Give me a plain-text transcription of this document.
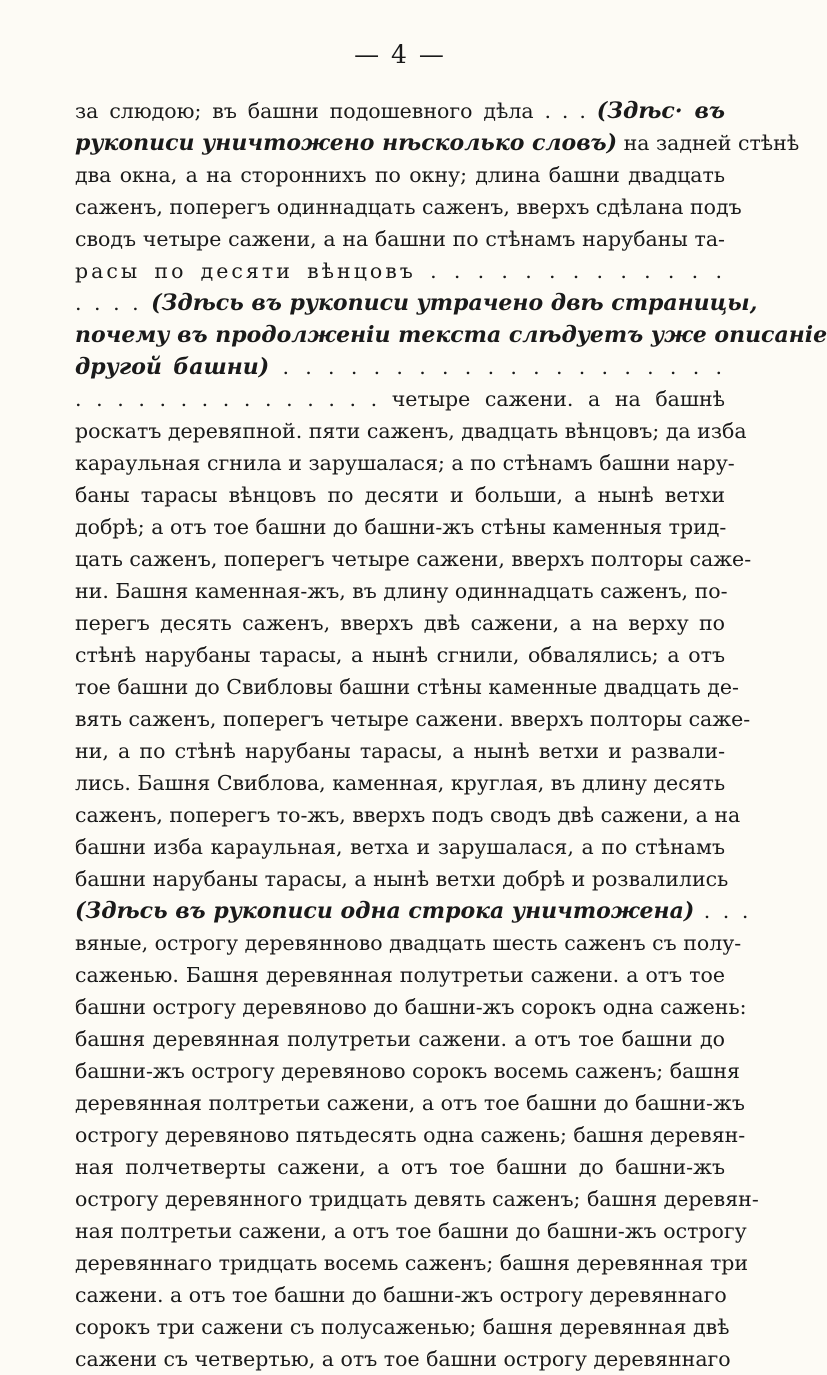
— 4 —
за слюдою; въ башни подошевного дѣла . . . (Здѣс· въ
рукописи уничтожено нѣсколько словъ) на задней стѣнѣ
два окна, а на стороннихъ по окну; длина башни двадцать
саженъ, поперегъ одиннадцать саженъ, вверхъ сдѣлана подъ
сводъ четыре сажени, а на башни по стѣнамъ нарубаны та-
расы по десяти вѣнцовъ . . . . . . . . . . . . .
. . . . (Здѣсь въ рукописи утрачено двѣ страницы,
почему въ продолженіи текста слѣдуетъ уже описаніе
другой башни) . . . . . . . . . . . . . . . . . . . .
. . . . . . . . . . . . . . . четыре сажени. а на башнѣ
роскатъ деревяпной. пяти саженъ, двадцать вѣнцовъ; да изба
караульная сгнила и зарушалася; а по стѣнамъ башни нару-
баны тарасы вѣнцовъ по десяти и больши, а нынѣ ветхи
добрѣ; а отъ тое башни до башни-жъ стѣны каменныя трид-
цать саженъ, поперегъ четыре сажени, вверхъ полторы саже-
ни. Башня каменная-жъ, въ длину одиннадцать саженъ, по-
перегъ десять саженъ, вверхъ двѣ сажени, а на верху по
стѣнѣ нарубаны тарасы, а нынѣ сгнили, обвалялись; а отъ
тое башни до Свибловы башни стѣны каменные двадцать де-
вять саженъ, поперегъ четыре сажени. вверхъ полторы саже-
ни, а по стѣнѣ нарубаны тарасы, а нынѣ ветхи и развали-
лись. Башня Свиблова, каменная, круглая, въ длину десять
саженъ, поперегъ то-жъ, вверхъ подъ сводъ двѣ сажени, а на
башни изба караульная, ветха и зарушалася, а по стѣнамъ
башни нарубаны тарасы, а нынѣ ветхи добрѣ и розвалились
(Здѣсь въ рукописи одна строка уничтожена) . . .
вяные, острогу деревянново двадцать шесть саженъ съ полу-
саженью. Башня деревянная полутретьи сажени. а отъ тое
башни острогу деревяново до башни-жъ сорокъ одна сажень:
башня деревянная полутретьи сажени. а отъ тое башни до
башни-жъ острогу деревяново сорокъ восемь саженъ; башня
деревянная полтретьи сажени, а отъ тое башни до башни-жъ
острогу деревяново пятьдесять одна сажень; башня деревян-
ная полчетверты сажени, а отъ тое башни до башни-жъ
острогу деревянного тридцать девять саженъ; башня деревян-
ная полтретьи сажени, а отъ тое башни до башни-жъ острогу
деревяннаго тридцать восемь саженъ; башня деревянная три
сажени. а отъ тое башни до башни-жъ острогу деревяннаго
сорокъ три сажени съ полусаженью; башня деревянная двѣ
сажени съ четвертью, а отъ тое башни острогу деревяннаго
